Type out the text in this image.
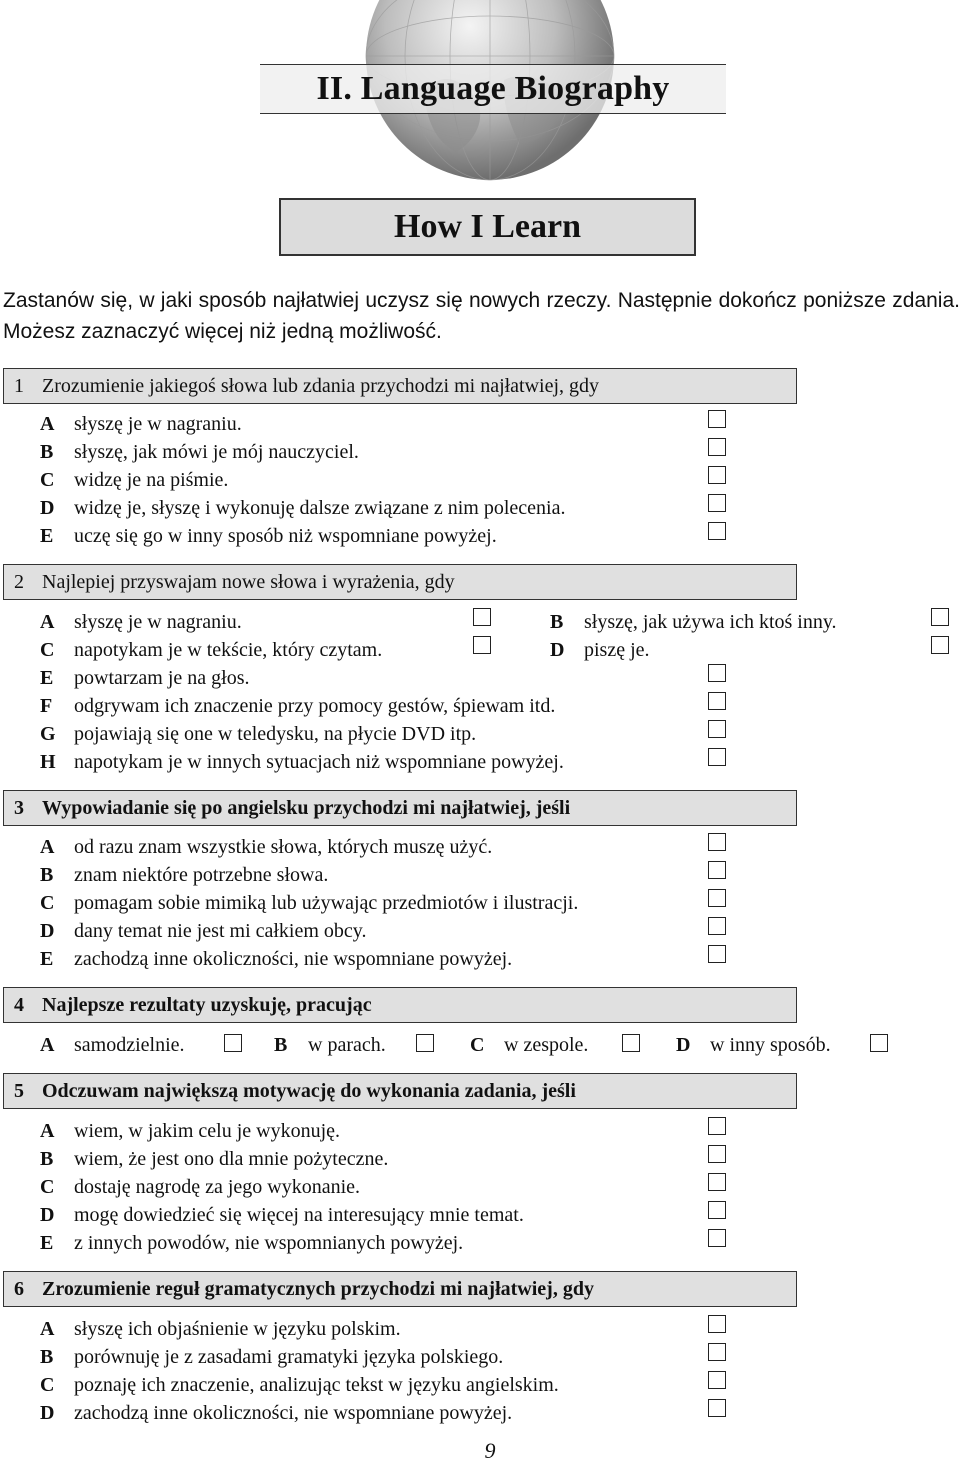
II. Language Biography
How I Learn

Zastanów się, w jaki sposób najłatwiej uczysz się nowych rzeczy. Następnie dokończ poniższe zdania. Możesz zaznaczyć więcej niż jedną możliwość.

1 Zrozumienie jakiegoś słowa lub zdania przychodzi mi najłatwiej, gdy
A słyszę je w nagraniu.
B słyszę, jak mówi je mój nauczyciel.
C widzę je na piśmie.
D widzę je, słyszę i wykonuję dalsze związane z nim polecenia.
E uczę się go w inny sposób niż wspomniane powyżej.
2 Najlepiej przyswajam nowe słowa i wyrażenia, gdy
A słyszę je w nagraniu.	B słyszę, jak używa ich ktoś inny.
C napotykam je w tekście, który czytam.	D piszę je.
E powtarzam je na głos.
F odgrywam ich znaczenie przy pomocy gestów, śpiewam itd.
G pojawiają się one w teledysku, na płycie DVD itp.
H napotykam je w innych sytuacjach niż wspomniane powyżej.
3 Wypowiadanie się po angielsku przychodzi mi najłatwiej, jeśli
A od razu znam wszystkie słowa, których muszę użyć.
B znam niektóre potrzebne słowa.
C pomagam sobie mimiką lub używając przedmiotów i ilustracji.
D dany temat nie jest mi całkiem obcy.
E zachodzą inne okoliczności, nie wspomniane powyżej.
4 Najlepsze rezultaty uzyskuję, pracując
A samodzielnie.	B w parach.	C w zespole.	D w inny sposób.
5 Odczuwam największą motywację do wykonania zadania, jeśli
A wiem, w jakim celu je wykonuję.
B wiem, że jest ono dla mnie pożyteczne.
C dostaję nagrodę za jego wykonanie.
D mogę dowiedzieć się więcej na interesujący mnie temat.
E z innych powodów, nie wspomnianych powyżej.
6 Zrozumienie reguł gramatycznych przychodzi mi najłatwiej, gdy
A słyszę ich objaśnienie w języku polskim.
B porównuję je z zasadami gramatyki języka polskiego.
C poznaję ich znaczenie, analizując tekst w języku angielskim.
D zachodzą inne okoliczności, nie wspomniane powyżej.
9
